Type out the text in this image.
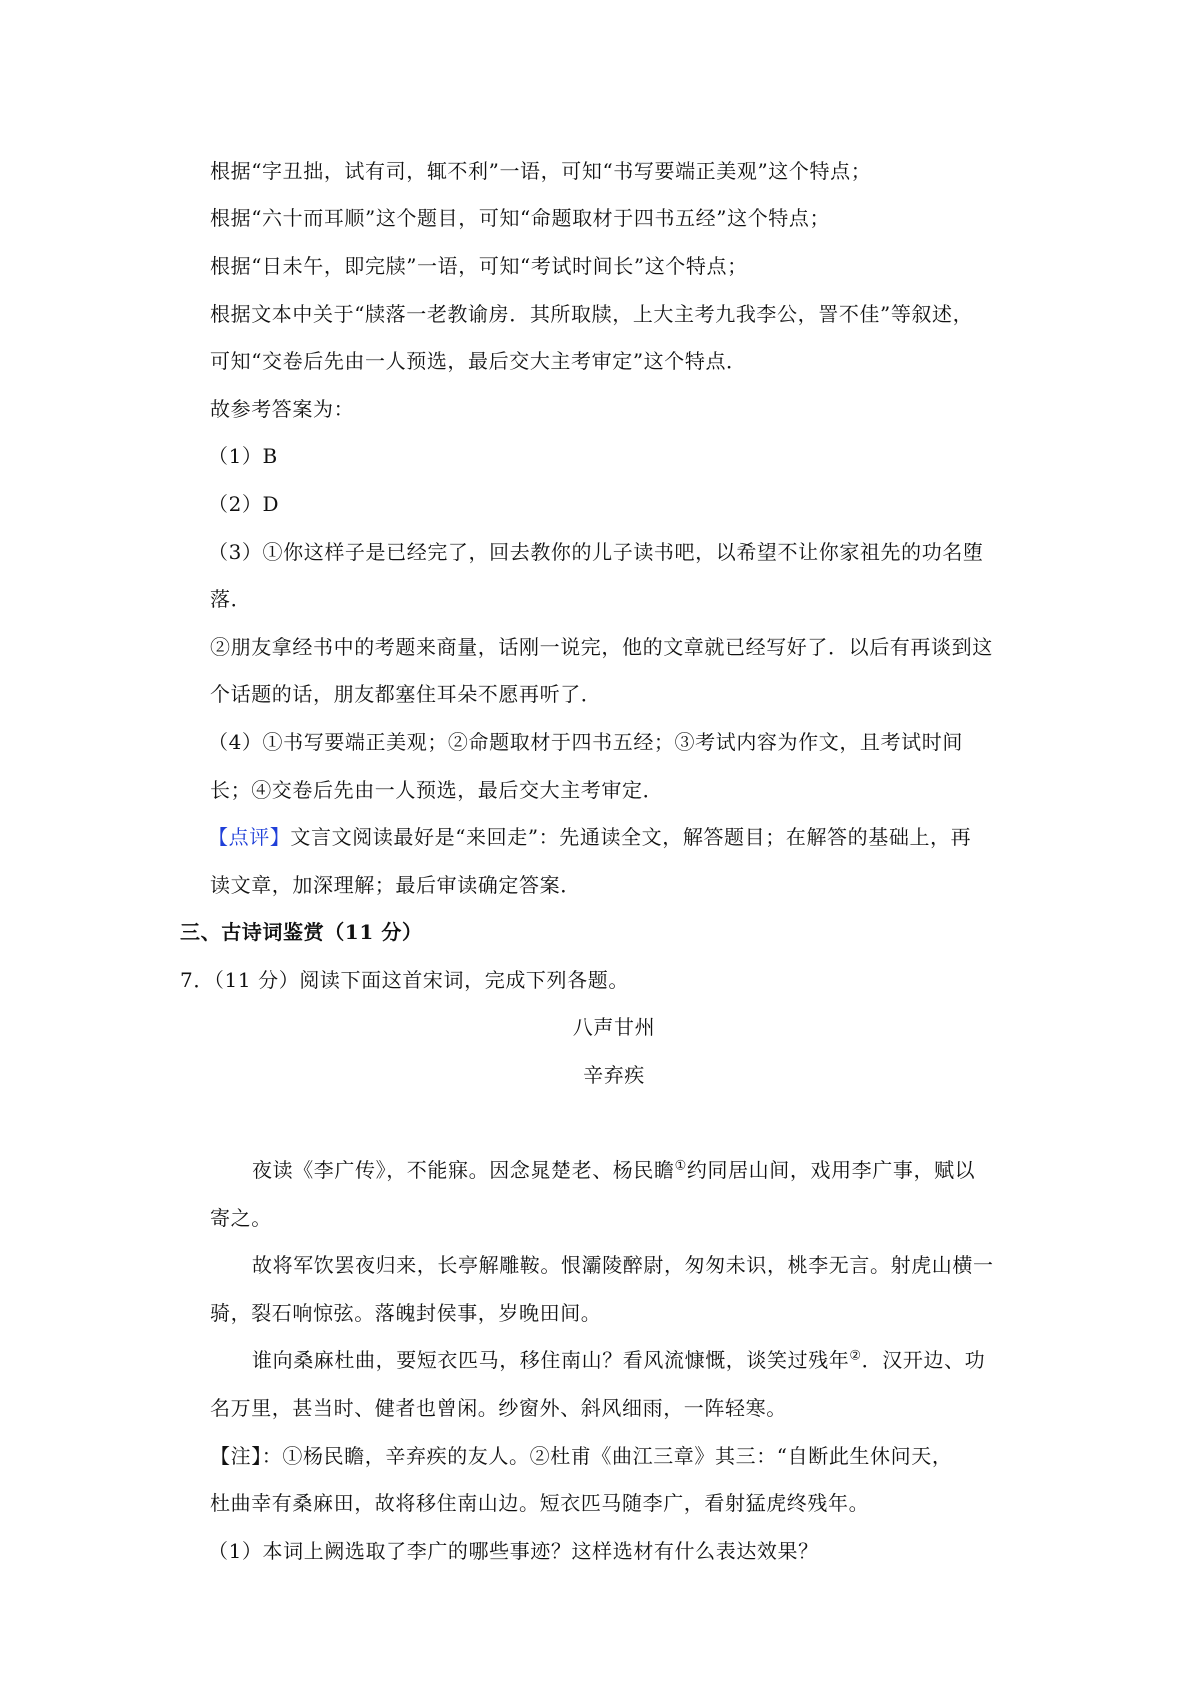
根据“字丑拙，试有司，辄不利”一语，可知“书写要端正美观”这个特点；
根据“六十而耳顺”这个题目，可知“命题取材于四书五经”这个特点；
根据“日未午，即完牍”一语，可知“考试时间长”这个特点；
根据文本中关于“牍落一老教谕房．其所取牍，上大主考九我李公，詈不佳”等叙述，
可知“交卷后先由一人预选，最后交大主考审定”这个特点．
故参考答案为：
（1）B
（2）D
（3）①你这样子是已经完了，回去教你的儿子读书吧，以希望不让你家祖先的功名堕
落．
②朋友拿经书中的考题来商量，话刚一说完，他的文章就已经写好了．以后有再谈到这
个话题的话，朋友都塞住耳朵不愿再听了．
（4）①书写要端正美观；②命题取材于四书五经；③考试内容为作文，且考试时间
长；④交卷后先由一人预选，最后交大主考审定．
【点评】文言文阅读最好是“来回走”：先通读全文，解答题目；在解答的基础上，再
读文章，加深理解；最后审读确定答案．
三、古诗词鉴赏（11 分）
7．（11 分）阅读下面这首宋词，完成下列各题。
八声甘州
辛弃疾
夜读《李广传》，不能寐。因念晁楚老、杨民瞻①约同居山间，戏用李广事，赋以
寄之。
故将军饮罢夜归来，长亭解雕鞍。恨灞陵醉尉，匆匆未识，桃李无言。射虎山横一
骑，裂石响惊弦。落魄封侯事，岁晚田间。
谁向桑麻杜曲，要短衣匹马，移住南山？看风流慷慨，谈笑过残年②．汉开边、功
名万里，甚当时、健者也曾闲。纱窗外、斜风细雨，一阵轻寒。
【注】：①杨民瞻，辛弃疾的友人。②杜甫《曲江三章》其三：“自断此生休问天，
杜曲幸有桑麻田，故将移住南山边。短衣匹马随李广，看射猛虎终残年。
（1）本词上阙选取了李广的哪些事迹？这样选材有什么表达效果？
